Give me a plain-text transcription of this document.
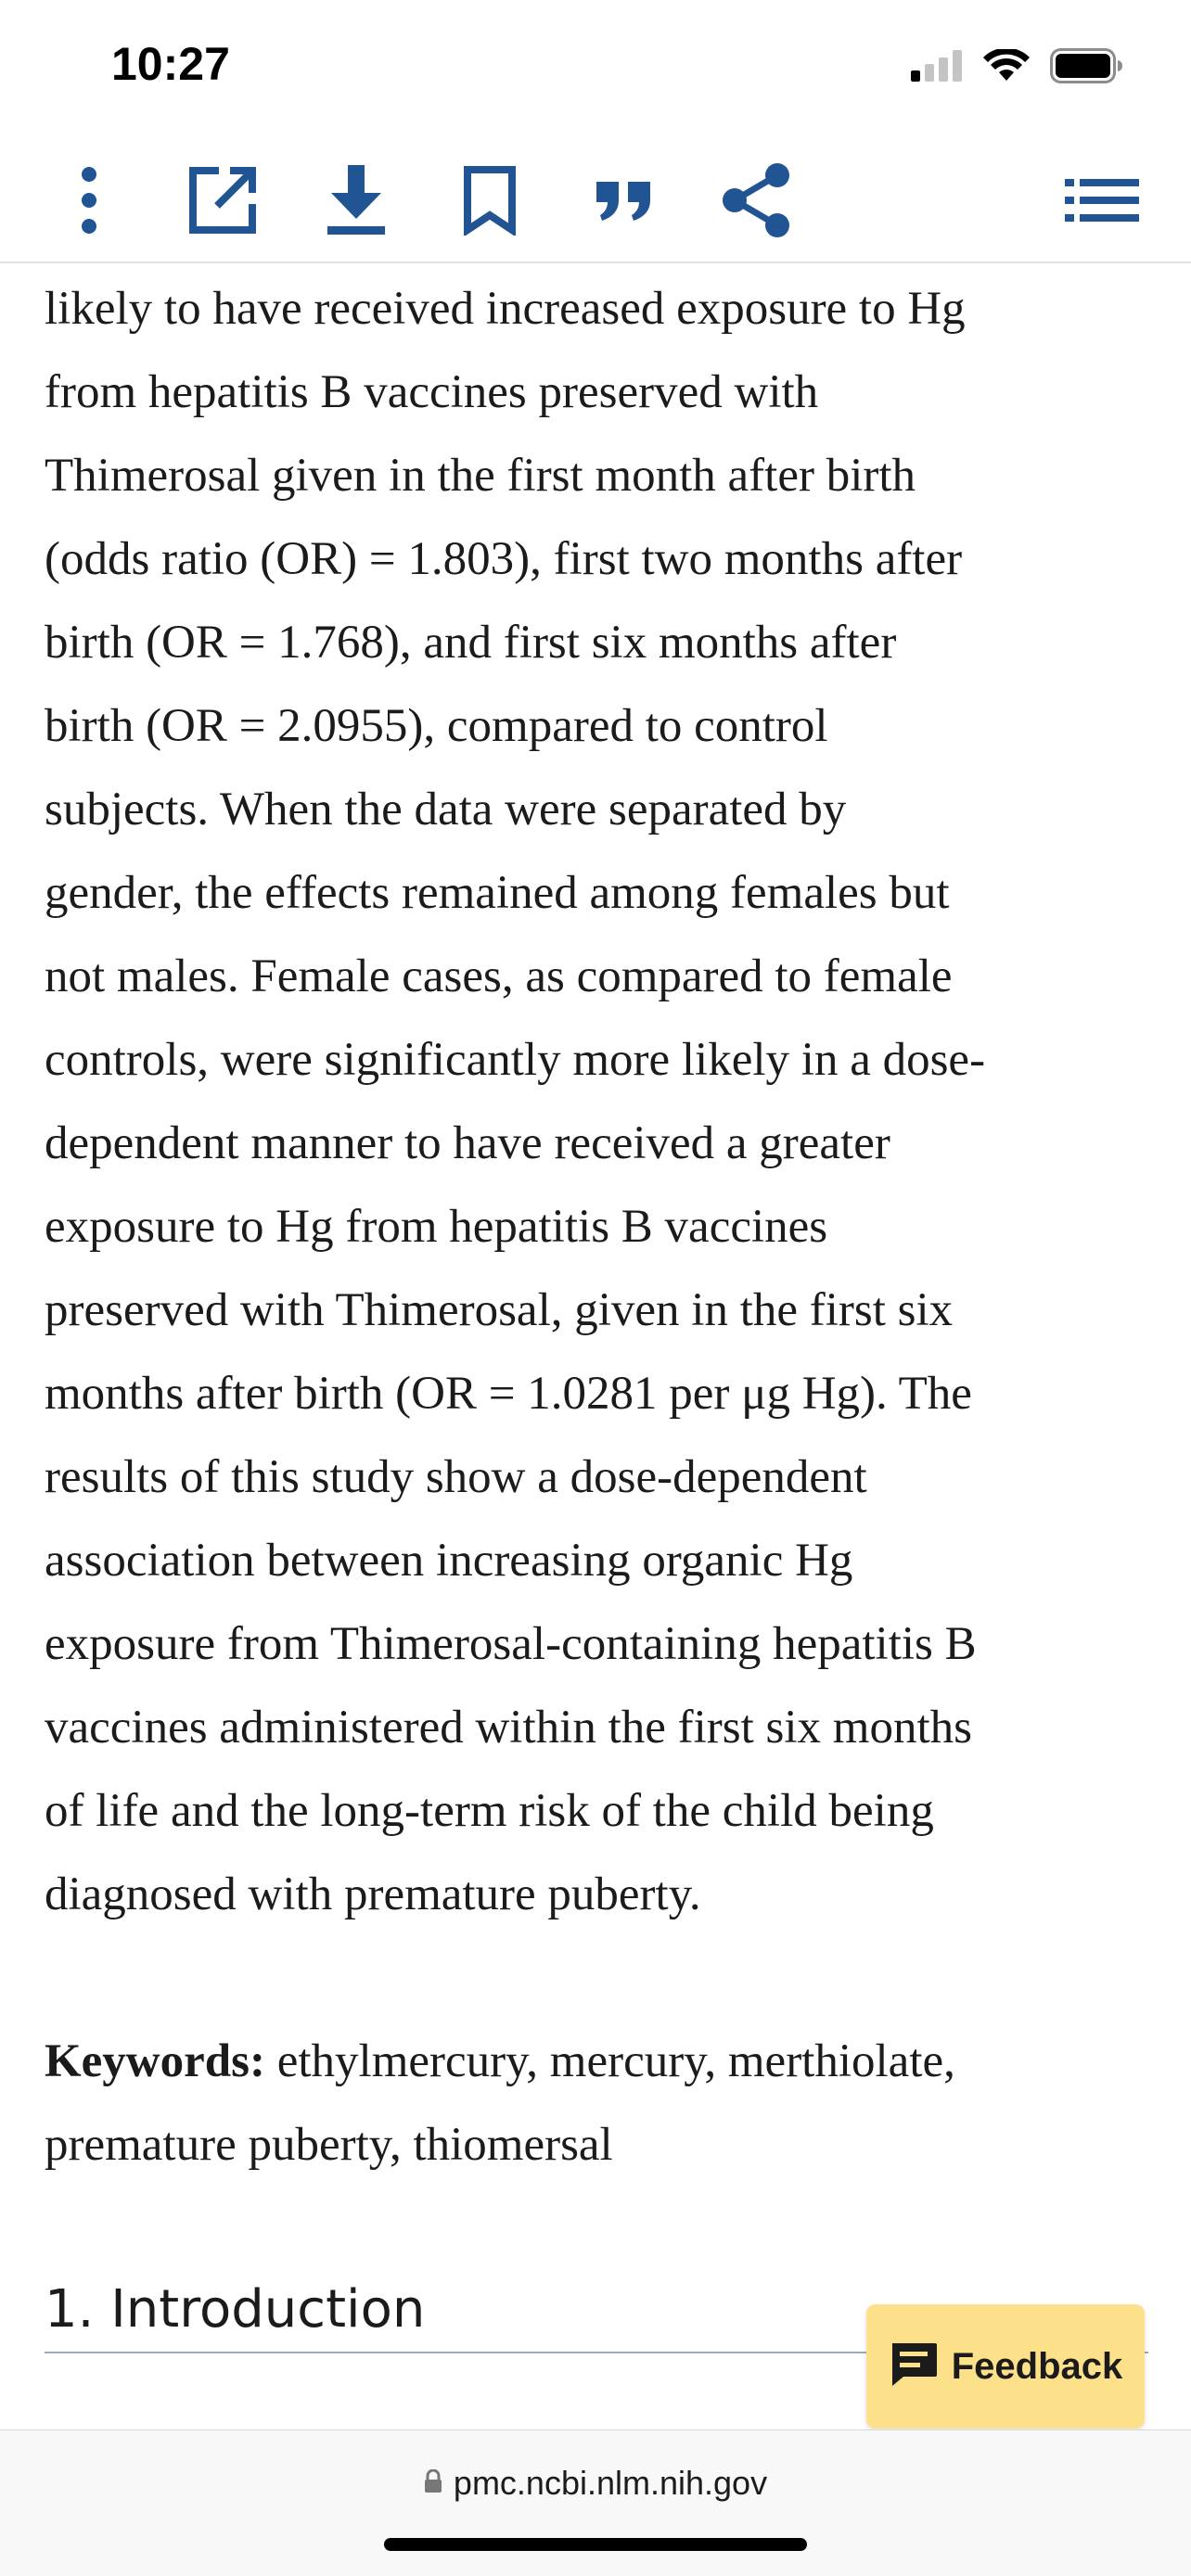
10:27
likely to have received increased exposure to Hg
from hepatitis B vaccines preserved with
Thimerosal given in the first month after birth
(odds ratio (OR) = 1.803), first two months after
birth (OR = 1.768), and first six months after
birth (OR = 2.0955), compared to control
subjects. When the data were separated by
gender, the effects remained among females but
not males. Female cases, as compared to female
controls, were significantly more likely in a dose-
dependent manner to have received a greater
exposure to Hg from hepatitis B vaccines
preserved with Thimerosal, given in the first six
months after birth (OR = 1.0281 per μg Hg). The
results of this study show a dose-dependent
association between increasing organic Hg
exposure from Thimerosal-containing hepatitis B
vaccines administered within the first six months
of life and the long-term risk of the child being
diagnosed with premature puberty.
Keywords: ethylmercury, mercury, merthiolate,
premature puberty, thiomersal
1. Introduction
Feedback
pmc.ncbi.nlm.nih.gov
